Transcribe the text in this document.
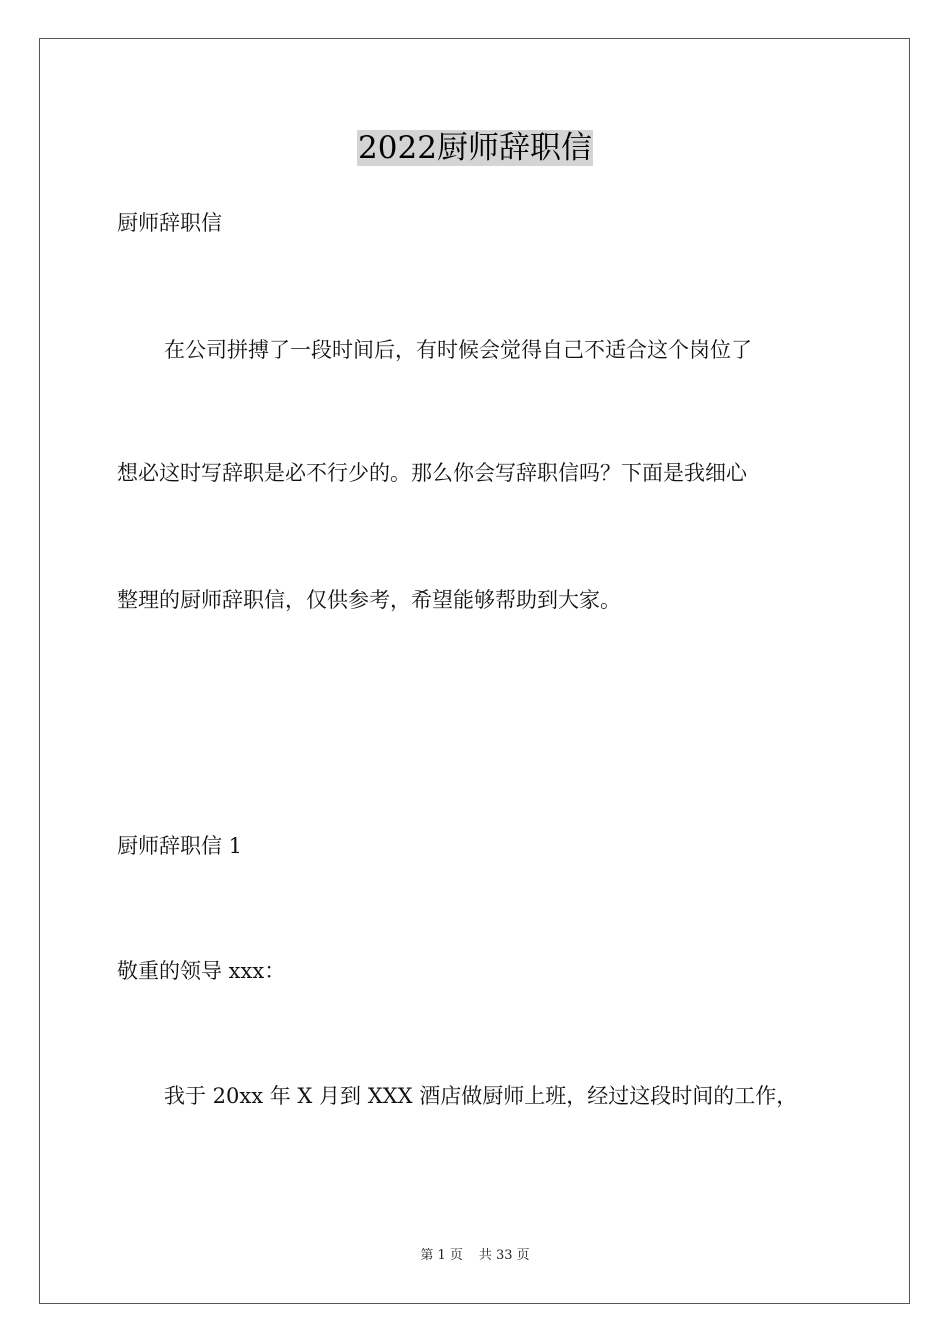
2022厨师辞职信
厨师辞职信
在公司拼搏了一段时间后，有时候会觉得自己不适合这个岗位了
想必这时写辞职是必不行少的。那么你会写辞职信吗？下面是我细心
整理的厨师辞职信，仅供参考，希望能够帮助到大家。
厨师辞职信 1
敬重的领导 xxx：
我于 20xx 年 X 月到 XXX 酒店做厨师上班，经过这段时间的工作，
第 1 页 共 33 页
